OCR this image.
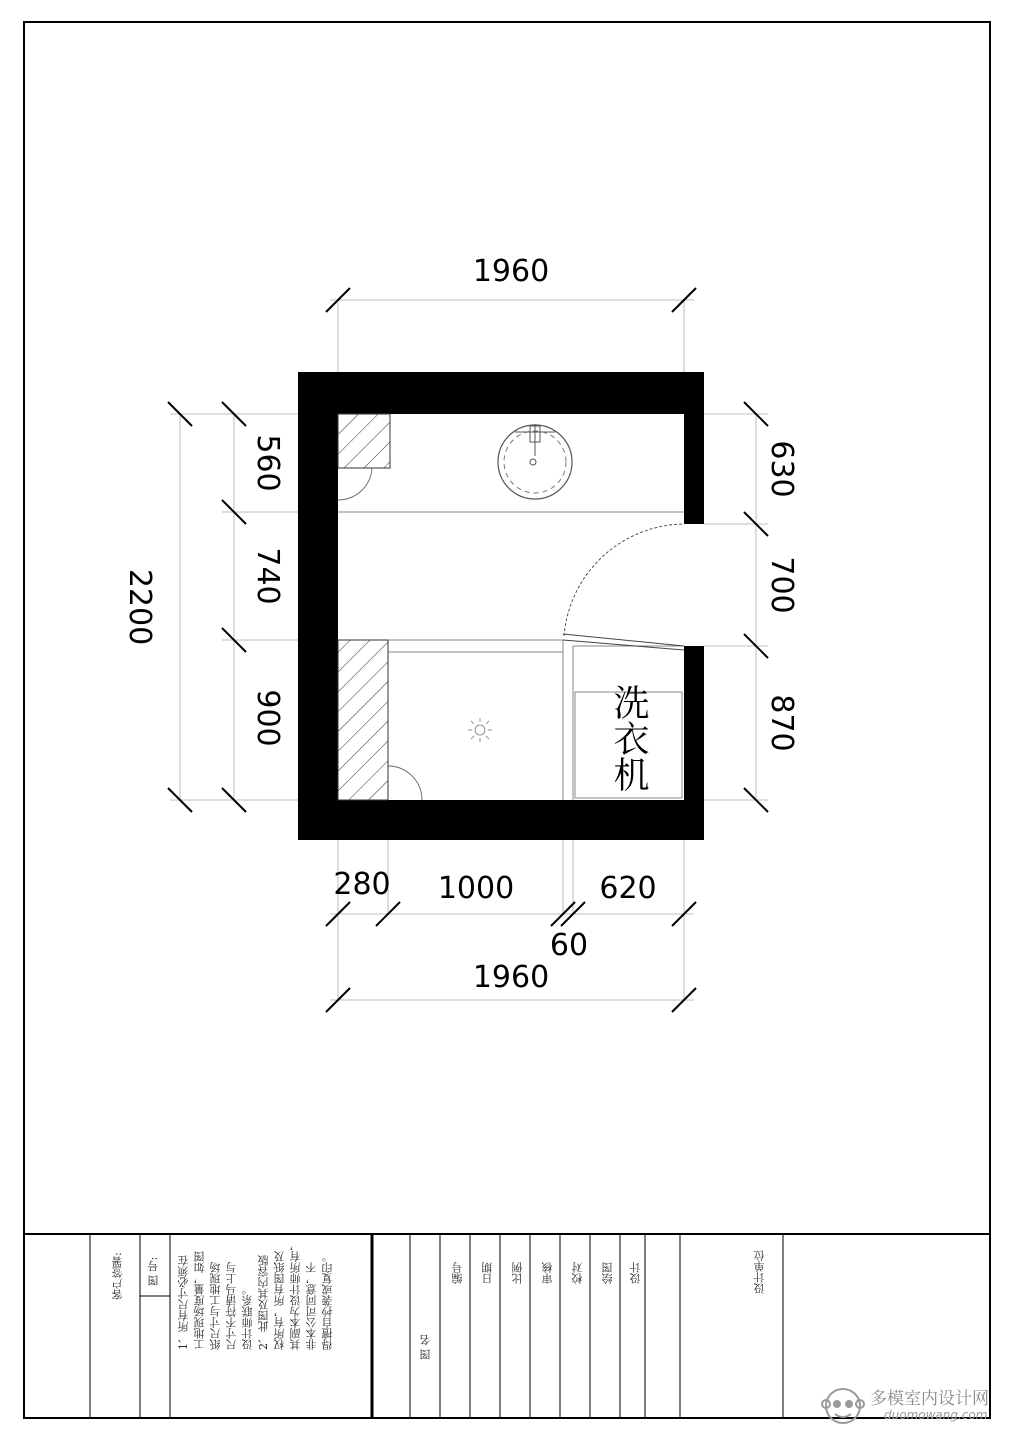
1960
1960
280 1000
60
620
2200
560
740
900
630
700
870
洗衣机
客户签署: 图 号: 1、所有尺寸必须在
工地现场度量，如图
纸尺寸与工地现场
尺寸不符请马上与
设计师联系。
2、此图及其内容版
权所有，所有图纸及
其副本为设计师所有，
非本公司同意，不
得擅自抄袭或复印。	图 名
编号 日期 比例 审核 校对 绘图 设计	设计单位
多模室内设计网
duomowang.com
